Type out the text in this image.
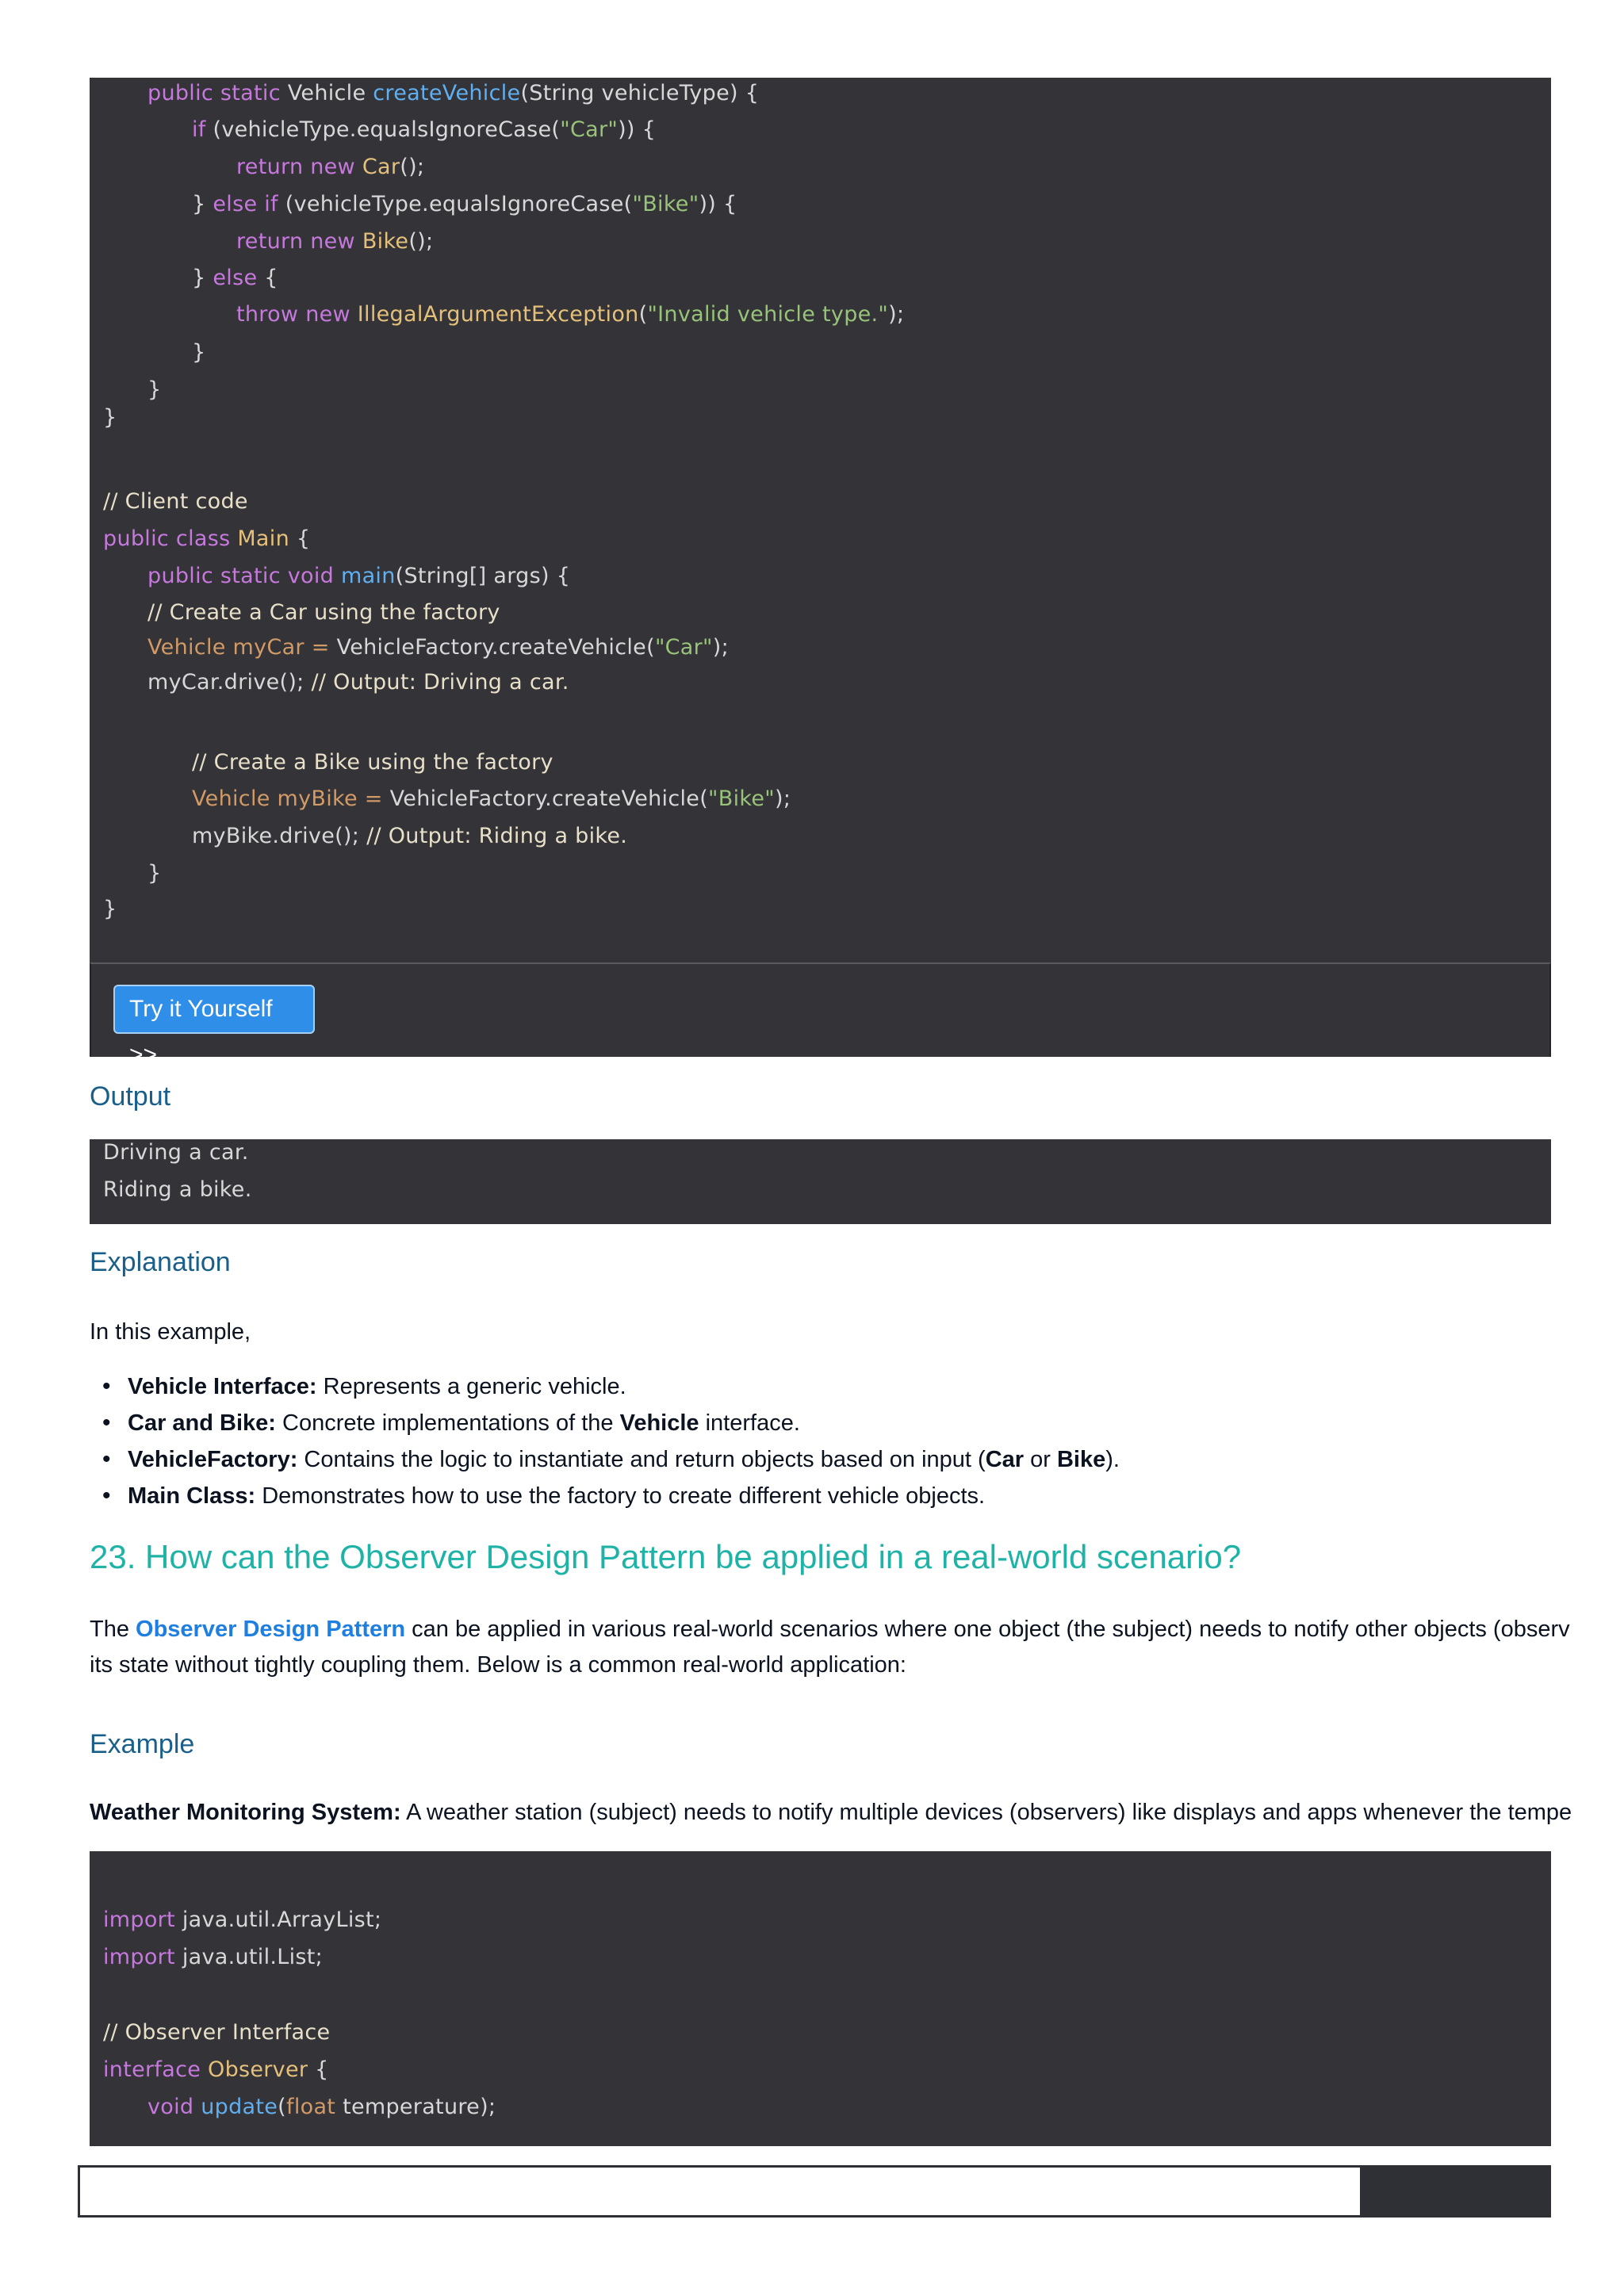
public static Vehicle createVehicle(String vehicleType) {
if (vehicleType.equalsIgnoreCase("Car")) {
return new Car();
} else if (vehicleType.equalsIgnoreCase("Bike")) {
return new Bike();
} else {
throw new IllegalArgumentException("Invalid vehicle type.");
}
}
}
// Client code
public class Main {
public static void main(String[] args) {
// Create a Car using the factory
Vehicle myCar = VehicleFactory.createVehicle("Car");
myCar.drive(); // Output: Driving a car.
// Create a Bike using the factory
Vehicle myBike = VehicleFactory.createVehicle("Bike");
myBike.drive(); // Output: Riding a bike.
}
}
Try it Yourself >>
Output
Driving a car.
Riding a bike.
Explanation
In this example,
• Vehicle Interface: Represents a generic vehicle.
• Car and Bike: Concrete implementations of the Vehicle interface.
• VehicleFactory: Contains the logic to instantiate and return objects based on input (Car or Bike).
• Main Class: Demonstrates how to use the factory to create different vehicle objects.
23. How can the Observer Design Pattern be applied in a real-world scenario?
The Observer Design Pattern can be applied in various real-world scenarios where one object (the subject) needs to notify other objects (observ
its state without tightly coupling them. Below is a common real-world application:
Example
Weather Monitoring System: A weather station (subject) needs to notify multiple devices (observers) like displays and apps whenever the tempe
import java.util.ArrayList;
import java.util.List;
// Observer Interface
interface Observer {
void update(float temperature);
